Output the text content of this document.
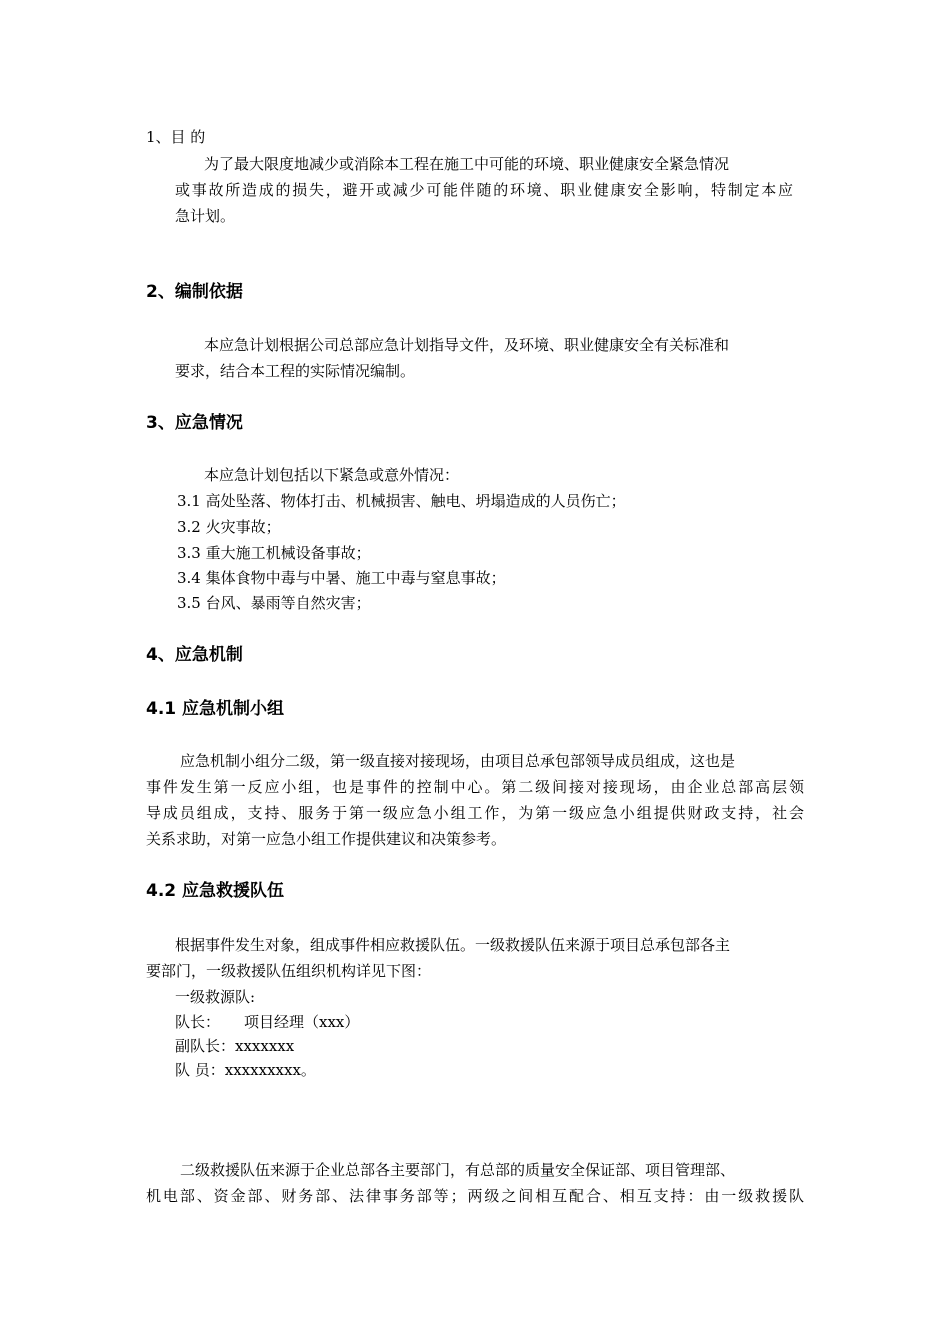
1、目 的
为了最大限度地减少或消除本工程在施工中可能的环境、职业健康安全紧急情况
或事故所造成的损失，避开或减少可能伴随的环境、职业健康安全影响，特制定本应
急计划。
2、编制依据
本应急计划根据公司总部应急计划指导文件，及环境、职业健康安全有关标准和
要求，结合本工程的实际情况编制。
3、应急情况
本应急计划包括以下紧急或意外情况：
3.1 高处坠落、物体打击、机械损害、触电、坍塌造成的人员伤亡；
3.2 火灾事故；
3.3 重大施工机械设备事故；
3.4 集体食物中毒与中暑、施工中毒与窒息事故；
3.5 台风、暴雨等自然灾害；
4、应急机制
4.1 应急机制小组
应急机制小组分二级，第一级直接对接现场，由项目总承包部领导成员组成，这也是
事件发生第一反应小组，也是事件的控制中心。第二级间接对接现场，由企业总部高层领
导成员组成，支持、服务于第一级应急小组工作，为第一级应急小组提供财政支持，社会
关系求助，对第一应急小组工作提供建议和决策参考。
4.2 应急救援队伍
根据事件发生对象，组成事件相应救援队伍。一级救援队伍来源于项目总承包部各主
要部门，一级救援队伍组织机构详见下图：
一级救源队:
队长： 项目经理（xxx）
副队长：xxxxxxx
队 员：xxxxxxxxx。
二级救援队伍来源于企业总部各主要部门，有总部的质量安全保证部、项目管理部、
机电部、资金部、财务部、法律事务部等；两级之间相互配合、相互支持：由一级救援队
